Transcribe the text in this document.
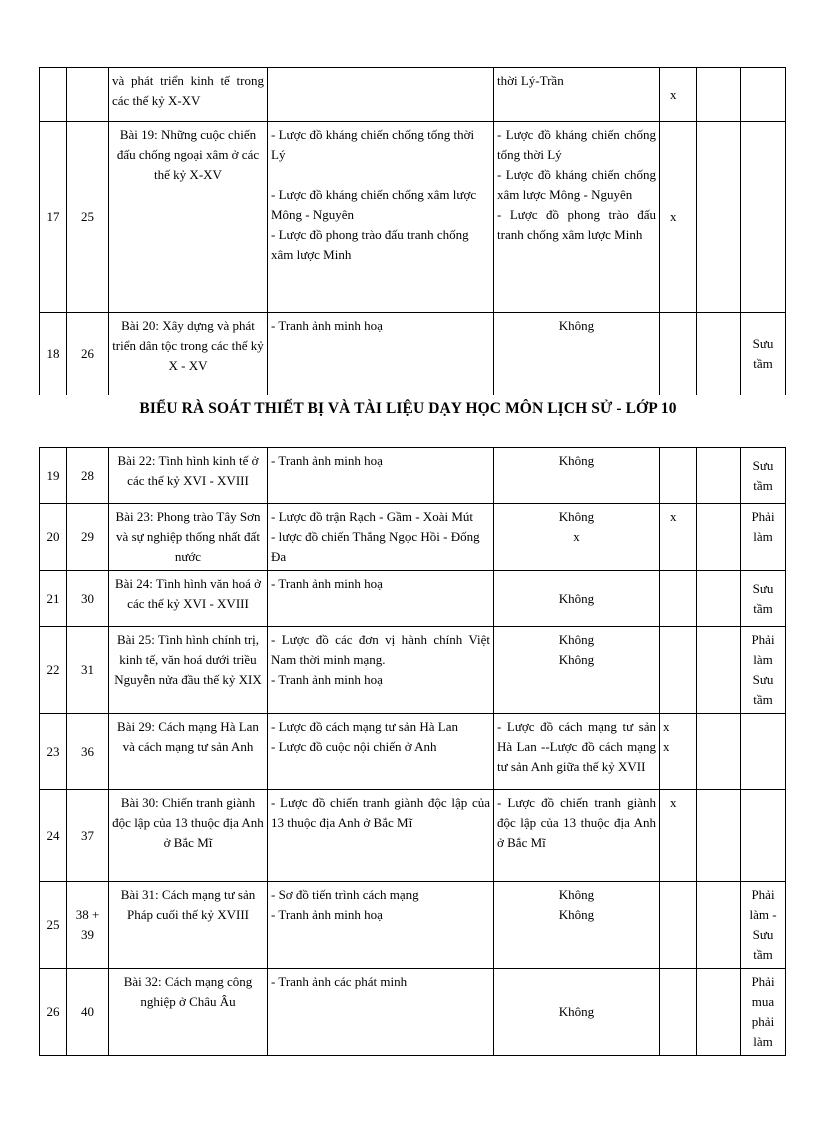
		và phát triển kinh tế trong các thế kỷ X-XV		thời Lý-Trần	x		
17	25	Bài 19: Những cuộc chiến đấu chống ngoại xâm ở các thế kỷ X-XV	- Lược đồ kháng chiến chống tống thời Lý
- Lược đồ kháng chiến chống xâm lược Mông - Nguyên
- Lược đồ phong trào đấu tranh chống xâm lược Minh	- Lược đồ kháng chiến chống tống thời Lý
- Lược đồ kháng chiến chống xâm lược Mông - Nguyên
- Lược đồ phong trào đấu tranh chống xâm lược Minh	x		
18	26	Bài 20: Xây dựng và phát triển dân tộc trong các thế kỷ X - XV	- Tranh ảnh minh hoạ	Không			Sưu tầm
BIỂU RÀ SOÁT THIẾT BỊ VÀ TÀI LIỆU DẠY HỌC MÔN LỊCH SỬ - LỚP 10
19	28	Bài 22: Tình hình kinh tế ở các thế kỷ XVI - XVIII	- Tranh ảnh minh hoạ	Không			Sưu tầm
20	29	Bài 23: Phong trào Tây Sơn và sự nghiệp thống nhất đất nước	- Lược đồ trận Rạch - Gầm - Xoài Mút
- lược đồ chiến Thắng Ngọc Hồi - Đống Đa	Không
x	x		Phải làm
21	30	Bài 24: Tình hình văn hoá ở các thế kỷ XVI - XVIII	- Tranh ảnh minh hoạ	Không			Sưu tầm
22	31	Bài 25: Tình hình chính trị, kinh tế, văn hoá dưới triều Nguyễn nửa đầu thế kỷ XIX	- Lược đồ các đơn vị hành chính Việt Nam thời minh mạng.
- Tranh ảnh minh hoạ	Không
Không			Phải làm Sưu tầm
23	36	Bài 29: Cách mạng Hà Lan và cách mạng tư sản Anh	- Lược đồ cách mạng tư sản Hà Lan
- Lược đồ cuộc nội chiến ở Anh	- Lược đồ cách mạng tư sản Hà Lan --Lược đồ cách mạng tư sản Anh giữa thế kỷ XVII	x
x		

24	37	Bài 30: Chiến tranh giành độc lập của 13 thuộc địa Anh ở Bắc Mĩ	- Lược đồ chiến tranh giành độc lập của 13 thuộc địa Anh ở Bắc Mĩ	- Lược đồ chiến tranh giành độc lập của 13 thuộc địa Anh ở Bắc Mĩ	x		

25	38 + 39	Bài 31: Cách mạng tư sản Pháp cuối thế kỷ XVIII	- Sơ đồ tiến trình cách mạng
- Tranh ảnh minh hoạ	Không
Không			Phải làm - Sưu tầm
26	40	Bài 32: Cách mạng công nghiệp ở Châu Âu	- Tranh ảnh các phát minh	Không			Phải mua phải làm
